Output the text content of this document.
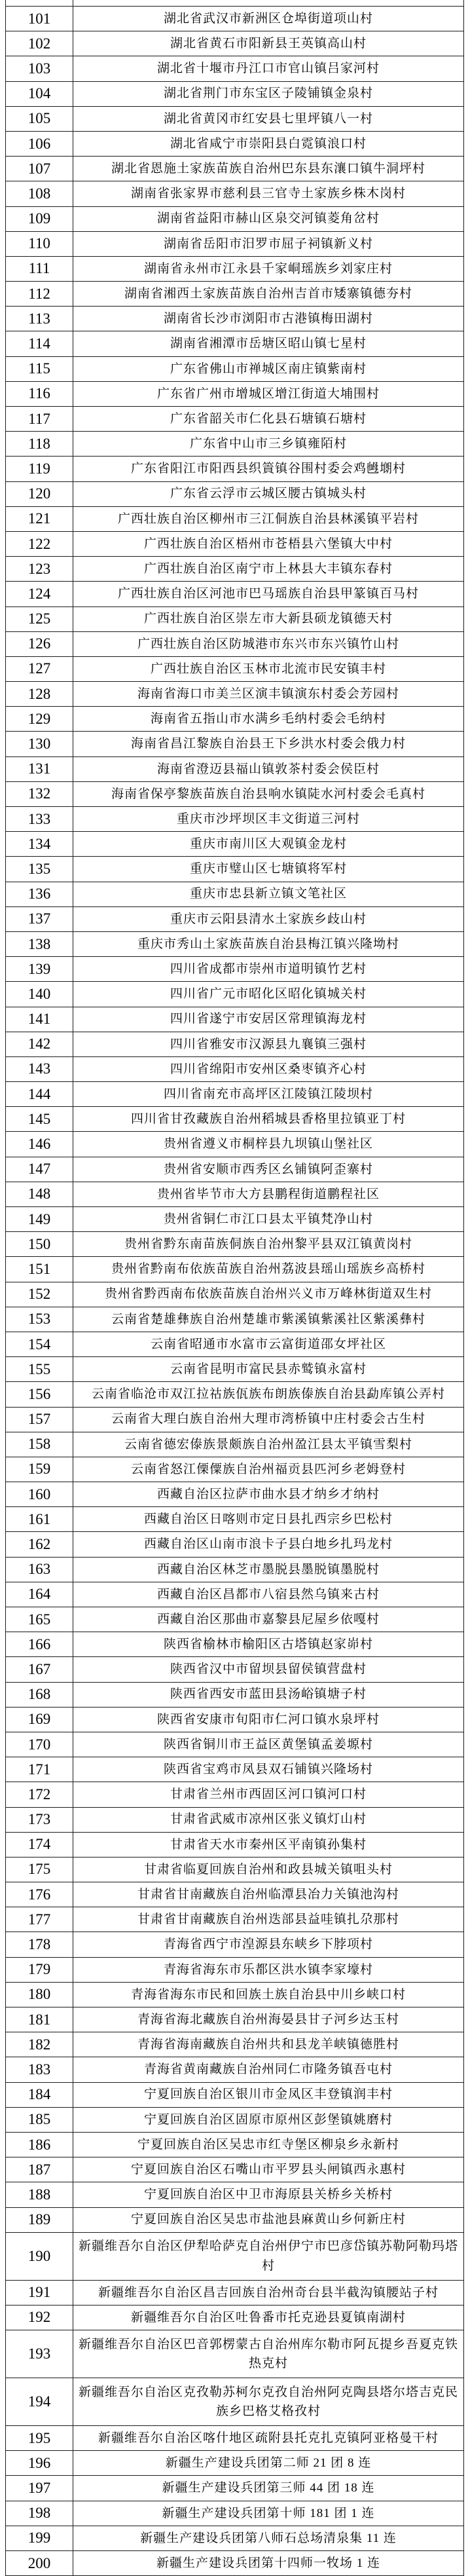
101	湖北省武汉市新洲区仓埠街道项山村
102	湖北省黄石市阳新县王英镇高山村
103	湖北省十堰市丹江口市官山镇吕家河村
104	湖北省荆门市东宝区子陵铺镇金泉村
105	湖北省黄冈市红安县七里坪镇八一村
106	湖北省咸宁市崇阳县白霓镇浪口村
107	湖北省恩施土家族苗族自治州巴东县东瀼口镇牛洞坪村
108	湖南省张家界市慈利县三官寺土家族乡株木岗村
109	湖南省益阳市赫山区泉交河镇菱角岔村
110	湖南省岳阳市汨罗市屈子祠镇新义村
111	湖南省永州市江永县千家峒瑶族乡刘家庄村
112	湖南省湘西土家族苗族自治州吉首市矮寨镇德夯村
113	湖南省长沙市浏阳市古港镇梅田湖村
114	湖南省湘潭市岳塘区昭山镇七星村
115	广东省佛山市禅城区南庄镇紫南村
116	广东省广州市增城区增江街道大埔围村
117	广东省韶关市仁化县石塘镇石塘村
118	广东省中山市三乡镇雍陌村
119	广东省阳江市阳西县织篢镇谷围村委会鸡乸㙟村
120	广东省云浮市云城区腰古镇城头村
121	广西壮族自治区柳州市三江侗族自治县林溪镇平岩村
122	广西壮族自治区梧州市苍梧县六堡镇大中村
123	广西壮族自治区南宁市上林县大丰镇东春村
124	广西壮族自治区河池市巴马瑶族自治县甲篆镇百马村
125	广西壮族自治区崇左市大新县硕龙镇德天村
126	广西壮族自治区防城港市东兴市东兴镇竹山村
127	广西壮族自治区玉林市北流市民安镇丰村
128	海南省海口市美兰区演丰镇演东村委会芳园村
129	海南省五指山市水满乡毛纳村委会毛纳村
130	海南省昌江黎族自治县王下乡洪水村委会俄力村
131	海南省澄迈县福山镇敦茶村委会侯臣村
132	海南省保亭黎族苗族自治县响水镇陡水河村委会毛真村
133	重庆市沙坪坝区丰文街道三河村
134	重庆市南川区大观镇金龙村
135	重庆市璧山区七塘镇将军村
136	重庆市忠县新立镇文笔社区
137	重庆市云阳县清水土家族乡歧山村
138	重庆市秀山土家族苗族自治县梅江镇兴隆坳村
139	四川省成都市崇州市道明镇竹艺村
140	四川省广元市昭化区昭化镇城关村
141	四川省遂宁市安居区常理镇海龙村
142	四川省雅安市汉源县九襄镇三强村
143	四川省绵阳市安州区桑枣镇齐心村
144	四川省南充市高坪区江陵镇江陵坝村
145	四川省甘孜藏族自治州稻城县香格里拉镇亚丁村
146	贵州省遵义市桐梓县九坝镇山堡社区
147	贵州省安顺市西秀区幺铺镇阿歪寨村
148	贵州省毕节市大方县鹏程街道鹏程社区
149	贵州省铜仁市江口县太平镇梵净山村
150	贵州省黔东南苗族侗族自治州黎平县双江镇黄岗村
151	贵州省黔南布依族苗族自治州荔波县瑶山瑶族乡高桥村
152	贵州省黔西南布依族苗族自治州兴义市万峰林街道双生村
153	云南省楚雄彝族自治州楚雄市紫溪镇紫溪社区紫溪彝村
154	云南省昭通市水富市云富街道邵女坪社区
155	云南省昆明市富民县赤鹫镇永富村
156	云南省临沧市双江拉祜族佤族布朗族傣族自治县勐库镇公弄村
157	云南省大理白族自治州大理市湾桥镇中庄村委会古生村
158	云南省德宏傣族景颇族自治州盈江县太平镇雪梨村
159	云南省怒江傈僳族自治州福贡县匹河乡老姆登村
160	西藏自治区拉萨市曲水县才纳乡才纳村
161	西藏自治区日喀则市定日县扎西宗乡巴松村
162	西藏自治区山南市浪卡子县白地乡扎玛龙村
163	西藏自治区林芝市墨脱县墨脱镇墨脱村
164	西藏自治区昌都市八宿县然乌镇来古村
165	西藏自治区那曲市嘉黎县尼屋乡依嘎村
166	陕西省榆林市榆阳区古塔镇赵家峁村
167	陕西省汉中市留坝县留侯镇营盘村
168	陕西省西安市蓝田县汤峪镇塘子村
169	陕西省安康市旬阳市仁河口镇水泉坪村
170	陕西省铜川市王益区黄堡镇孟姜塬村
171	陕西省宝鸡市凤县双石铺镇兴隆场村
172	甘肃省兰州市西固区河口镇河口村
173	甘肃省武威市凉州区张义镇灯山村
174	甘肃省天水市秦州区平南镇孙集村
175	甘肃省临夏回族自治州和政县城关镇咀头村
176	甘肃省甘南藏族自治州临潭县冶力关镇池沟村
177	甘肃省甘南藏族自治州迭部县益哇镇扎尕那村
178	青海省西宁市湟源县东峡乡下脖项村
179	青海省海东市乐都区洪水镇李家壕村
180	青海省海东市民和回族土族自治县中川乡峡口村
181	青海省海北藏族自治州海晏县甘子河乡达玉村
182	青海省海南藏族自治州共和县龙羊峡镇德胜村
183	青海省黄南藏族自治州同仁市隆务镇吾屯村
184	宁夏回族自治区银川市金凤区丰登镇润丰村
185	宁夏回族自治区固原市原州区彭堡镇姚磨村
186	宁夏回族自治区吴忠市红寺堡区柳泉乡永新村
187	宁夏回族自治区石嘴山市平罗县头闸镇西永惠村
188	宁夏回族自治区中卫市海原县关桥乡关桥村
189	宁夏回族自治区吴忠市盐池县麻黄山乡何新庄村
190	新疆维吾尔自治区伊犁哈萨克自治州伊宁市巴彦岱镇苏勒阿勒玛塔村
191	新疆维吾尔自治区昌吉回族自治州奇台县半截沟镇腰站子村
192	新疆维吾尔自治区吐鲁番市托克逊县夏镇南湖村
193	新疆维吾尔自治区巴音郭楞蒙古自治州库尔勒市阿瓦提乡吾夏克铁热克村
194	新疆维吾尔自治区克孜勒苏柯尔克孜自治州阿克陶县塔尔塔吉克民族乡巴格艾格孜村
195	新疆维吾尔自治区喀什地区疏附县托克扎克镇阿亚格曼干村
196	新疆生产建设兵团第二师 21 团 8 连
197	新疆生产建设兵团第三师 44 团 18 连
198	新疆生产建设兵团第十师 181 团 1 连
199	新疆生产建设兵团第八师石总场清泉集 11 连
200	新疆生产建设兵团第十四师一牧场 1 连
